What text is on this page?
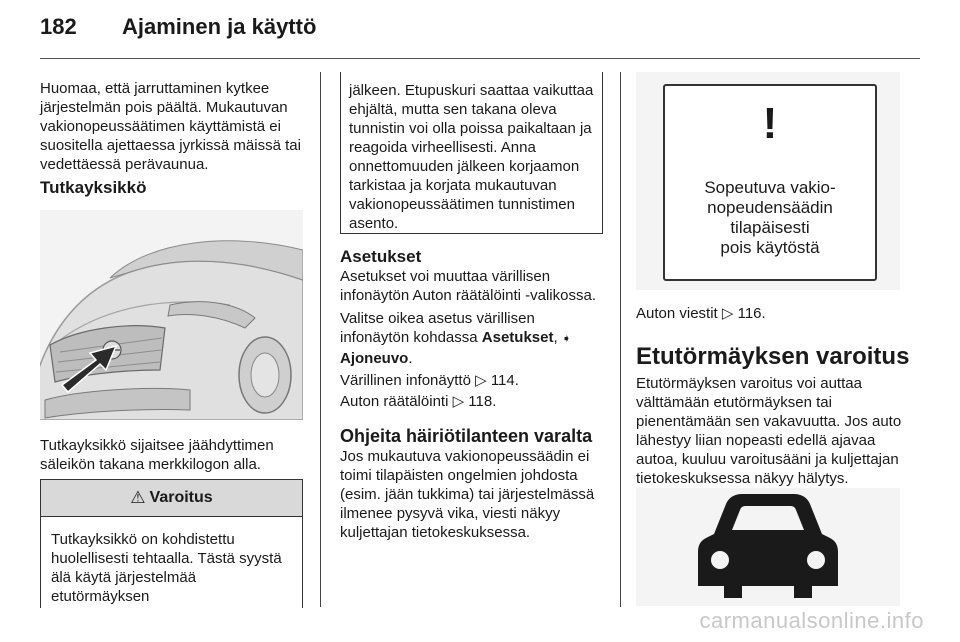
182 Ajaminen ja käyttö

Huomaa, että jarruttaminen kytkee järjestelmän pois päältä. Mukautuvan vakionopeussäätimen käyttämistä ei suositella ajettaessa jyrkissä mäissä tai vedettäessä perävaunua.

Tutkayksikkö

Tutkayksikkö sijaitsee jäähdyttimen säleikön takana merkkilogon alla.

⚠ Varoitus

Tutkayksikkö on kohdistettu huolellisesti tehtaalla. Tästä syystä älä käytä järjestelmää etutörmäyksen

jälkeen. Etupuskuri saattaa vaikuttaa ehjältä, mutta sen takana oleva tunnistin voi olla poissa paikaltaan ja reagoida virheellisesti. Anna onnettomuuden jälkeen korjaamon tarkistaa ja korjata mukautuvan vakionopeussäätimen tunnistimen asento.

Asetukset

Asetukset voi muuttaa värillisen infonäytön Auton räätälöinti -valikossa.

Valitse oikea asetus värillisen infonäytön kohdassa Asetukset, ➧
Ajoneuvo.

Värillinen infonäyttö ▷ 114.

Auton räätälöinti ▷ 118.

Ohjeita häiriötilanteen varalta

Jos mukautuva vakionopeussäädin ei toimi tilapäisten ongelmien johdosta (esim. jään tukkima) tai järjestelmässä ilmenee pysyvä vika, viesti näkyy kuljettajan tietokeskuksessa.

!
Sopeutuva vakio-
nopeudensäädin
tilapäisesti
pois käytöstä

Auton viestit ▷ 116.

Etutörmäyksen varoitus

Etutörmäyksen varoitus voi auttaa välttämään etutörmäyksen tai pienentämään sen vakavuutta. Jos auto lähestyy liian nopeasti edellä ajavaa autoa, kuuluu varoitusääni ja kuljettajan tietokeskuksessa näkyy hälytys.

carmanualsonline.info
